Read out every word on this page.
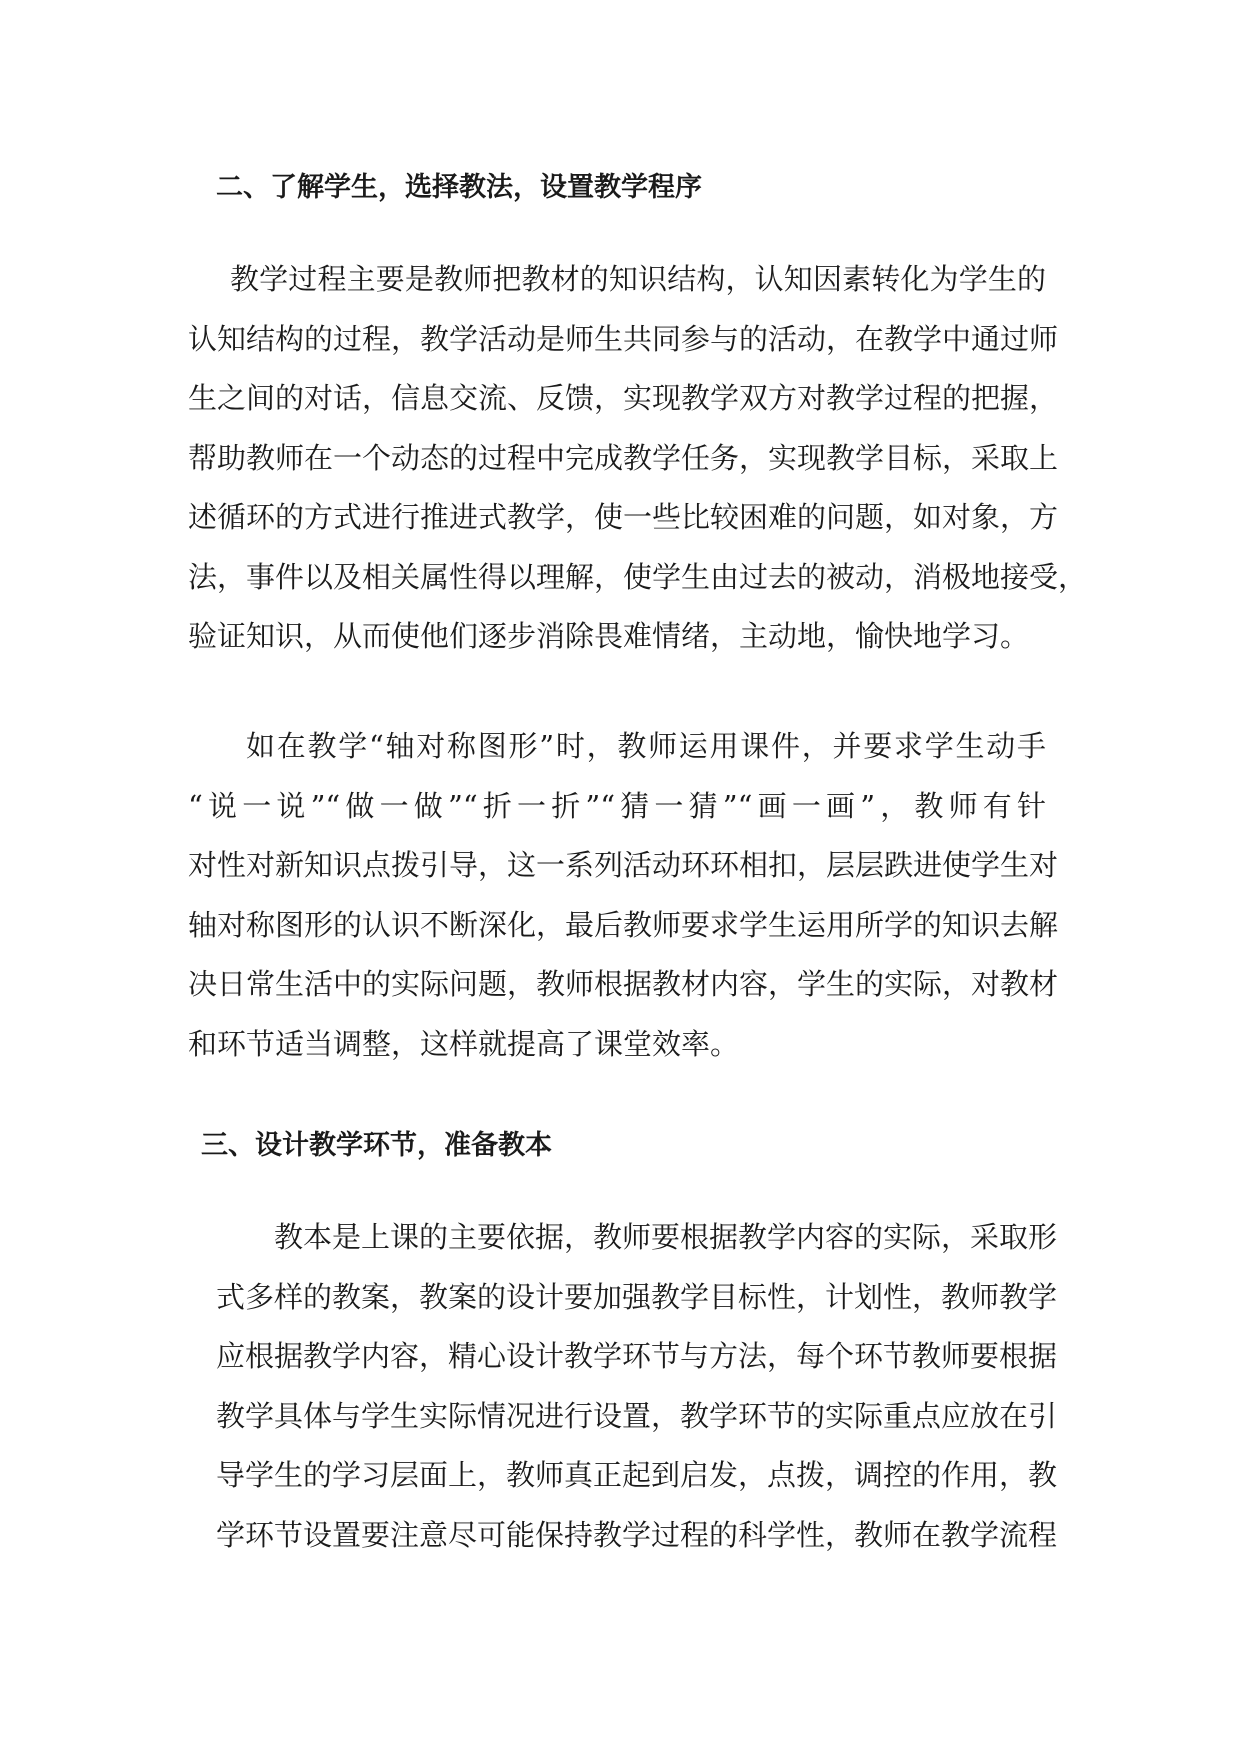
二、了解学生，选择教法，设置教学程序

教学过程主要是教师把教材的知识结构，认知因素转化为学生的
认知结构的过程，教学活动是师生共同参与的活动，在教学中通过师
生之间的对话，信息交流、反馈，实现教学双方对教学过程的把握，
帮助教师在一个动态的过程中完成教学任务，实现教学目标，采取上
述循环的方式进行推进式教学，使一些比较困难的问题，如对象，方
法，事件以及相关属性得以理解，使学生由过去的被动，消极地接受，
验证知识，从而使他们逐步消除畏难情绪，主动地，愉快地学习。

如在教学“轴对称图形”时，教师运用课件，并要求学生动手
“说一说”“做一做”“折一折”“猜一猜”“画一画”，教师有针
对性对新知识点拨引导，这一系列活动环环相扣，层层跌进使学生对
轴对称图形的认识不断深化，最后教师要求学生运用所学的知识去解
决日常生活中的实际问题，教师根据教材内容，学生的实际，对教材
和环节适当调整，这样就提高了课堂效率。

三、设计教学环节，准备教本

教本是上课的主要依据，教师要根据教学内容的实际，采取形
式多样的教案，教案的设计要加强教学目标性，计划性，教师教学
应根据教学内容，精心设计教学环节与方法，每个环节教师要根据
教学具体与学生实际情况进行设置，教学环节的实际重点应放在引
导学生的学习层面上，教师真正起到启发，点拨，调控的作用，教
学环节设置要注意尽可能保持教学过程的科学性，教师在教学流程
